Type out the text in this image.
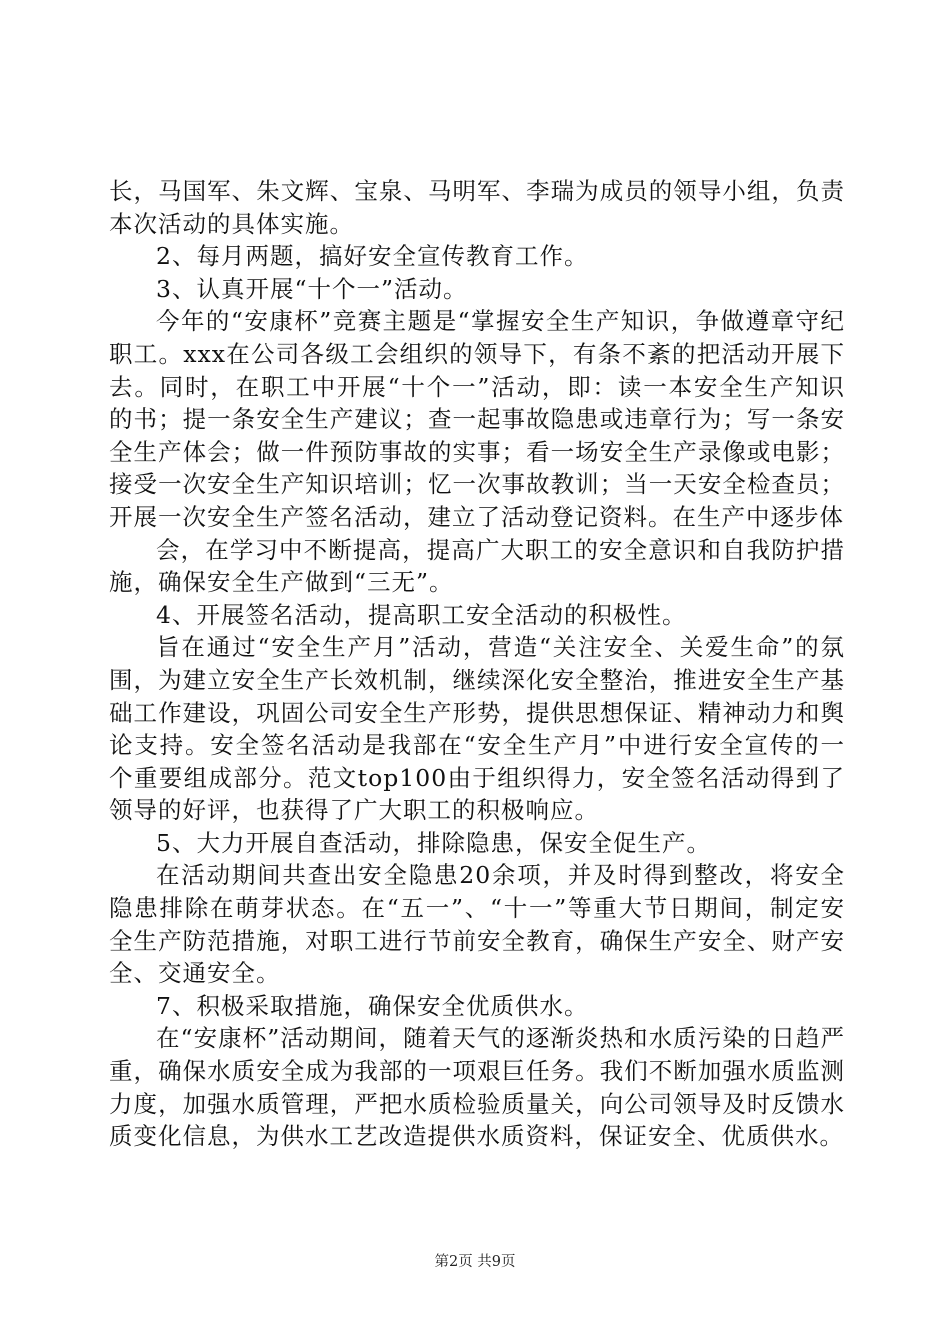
长，马国军、朱文辉、宝泉、马明军、李瑞为成员的领导小组，负责本次活动的具体实施。

2、每月两题，搞好安全宣传教育工作。

3、认真开展“十个一”活动。

今年的“安康杯”竞赛主题是“掌握安全生产知识，争做遵章守纪职工。xxx在公司各级工会组织的领导下，有条不紊的把活动开展下去。同时，在职工中开展“十个一”活动，即：读一本安全生产知识的书；提一条安全生产建议；查一起事故隐患或违章行为；写一条安全生产体会；做一件预防事故的实事；看一场安全生产录像或电影；接受一次安全生产知识培训；忆一次事故教训；当一天安全检查员；开展一次安全生产签名活动，建立了活动登记资料。在生产中逐步体

会，在学习中不断提高，提高广大职工的安全意识和自我防护措施，确保安全生产做到“三无”。

4、开展签名活动，提高职工安全活动的积极性。

旨在通过“安全生产月”活动，营造“关注安全、关爱生命”的氛围，为建立安全生产长效机制，继续深化安全整治，推进安全生产基础工作建设，巩固公司安全生产形势，提供思想保证、精神动力和舆论支持。安全签名活动是我部在“安全生产月”中进行安全宣传的一个重要组成部分。范文top100由于组织得力，安全签名活动得到了领导的好评，也获得了广大职工的积极响应。

5、大力开展自查活动，排除隐患，保安全促生产。

在活动期间共查出安全隐患20余项，并及时得到整改，将安全隐患排除在萌芽状态。在“五一”、“十一”等重大节日期间，制定安全生产防范措施，对职工进行节前安全教育，确保生产安全、财产安全、交通安全。

7、积极采取措施，确保安全优质供水。

在“安康杯”活动期间，随着天气的逐渐炎热和水质污染的日趋严重，确保水质安全成为我部的一项艰巨任务。我们不断加强水质监测力度，加强水质管理，严把水质检验质量关，向公司领导及时反馈水质变化信息，为供水工艺改造提供水质资料，保证安全、优质供水。

第2页 共9页
